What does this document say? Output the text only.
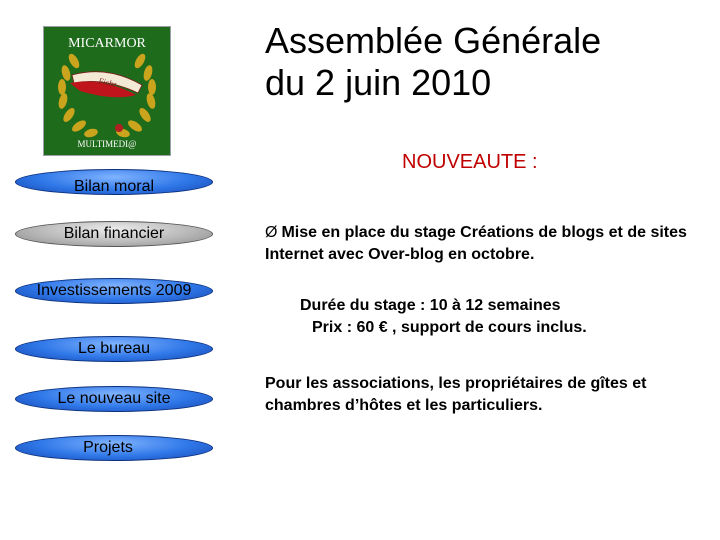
MICARMOR
Fiche
MULTIMEDI@
Assemblée Générale
du 2 juin 2010
Bilan moral
Bilan financier
Investissements 2009
Le bureau
Le nouveau site
Projets
NOUVEAUTE :
Ø Mise en place du stage Créations de blogs et de sites Internet avec Over-blog en octobre.
Durée du stage : 10 à 12 semaines
Prix : 60 € , support de cours inclus.
Pour les associations, les propriétaires de gîtes et chambres d’hôtes et les particuliers.
